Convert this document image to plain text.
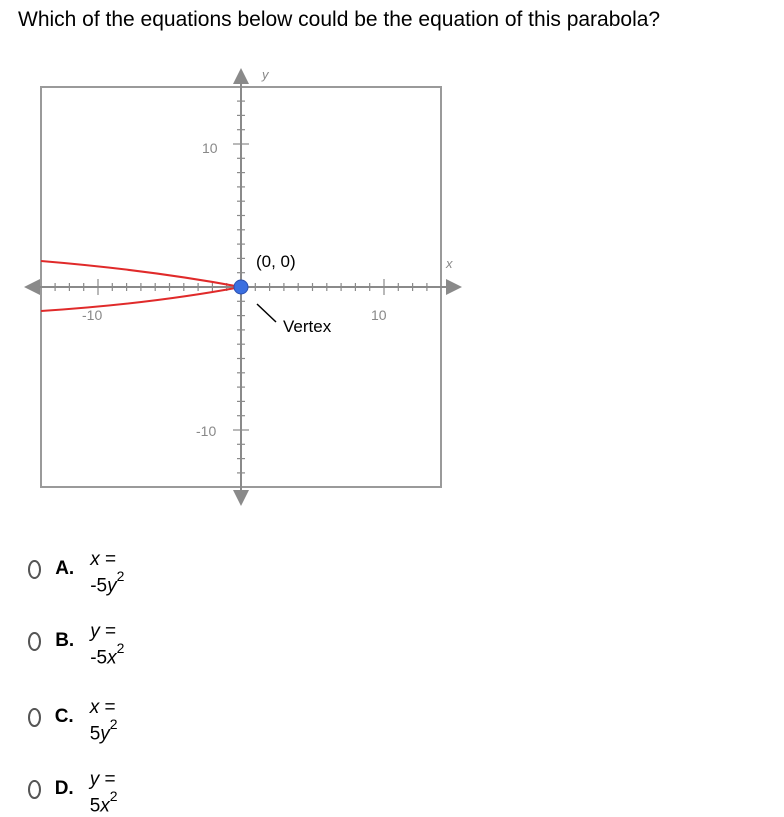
Which of the equations below could be the equation of this parabola?
y
x
10
-10
10
-10
(0, 0)
Vertex
A. $x = -5y^2$
B. $y = -5x^2$
C. $x = 5y^2$
D. $y = 5x^2$
